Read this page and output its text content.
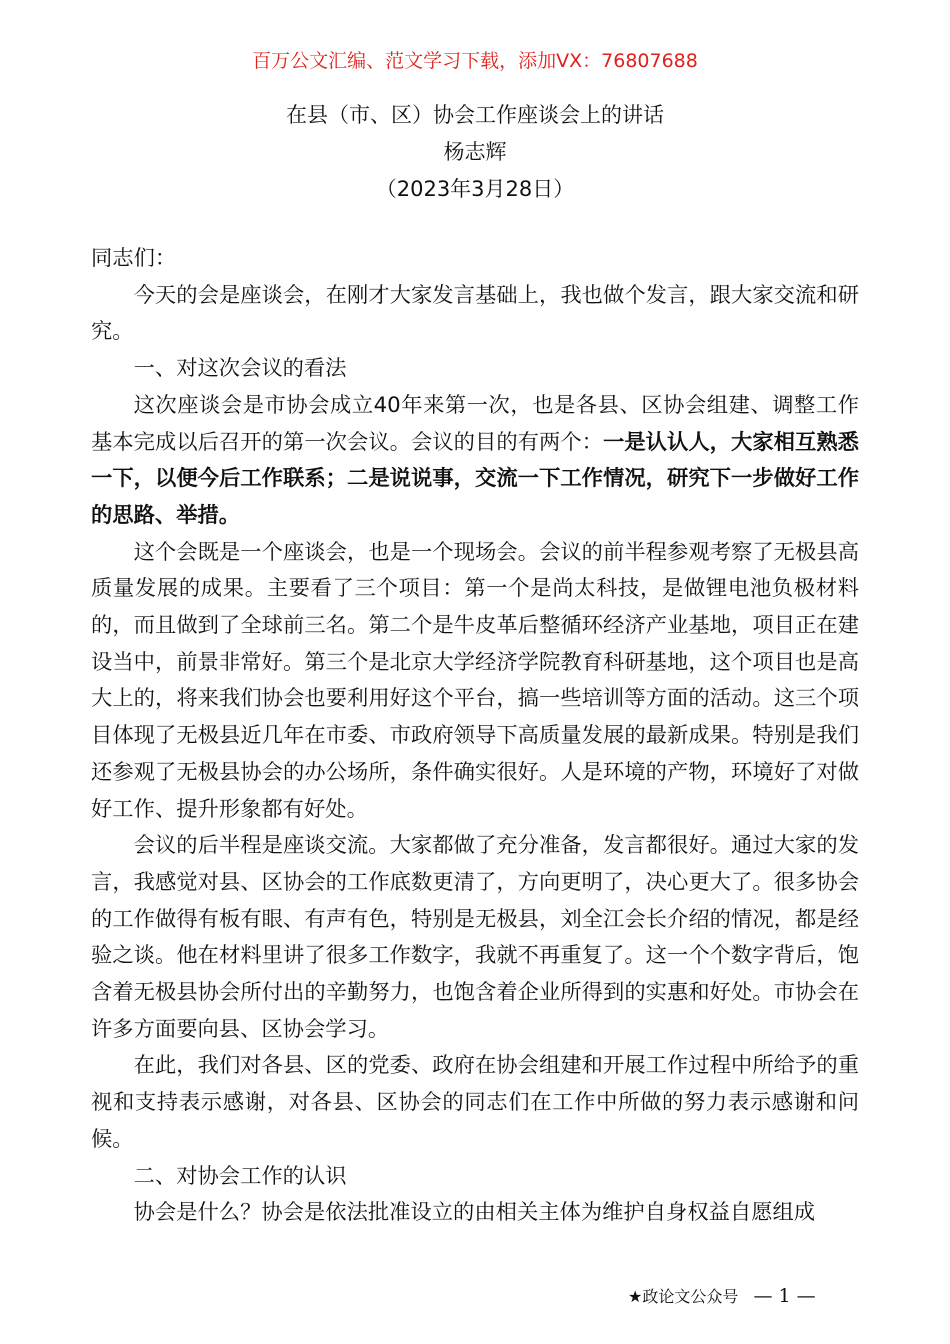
百万公文汇编、范文学习下载，添加VX：76807688
在县（市、区）协会工作座谈会上的讲话
杨志辉
（2023年3月28日）

同志们：

今天的会是座谈会，在刚才大家发言基础上，我也做个发言，跟大家交流和研究。

一、对这次会议的看法

这次座谈会是市协会成立40年来第一次，也是各县、区协会组建、调整工作基本完成以后召开的第一次会议。会议的目的有两个：一是认认人，大家相互熟悉一下，以便今后工作联系；二是说说事，交流一下工作情况，研究下一步做好工作的思路、举措。

这个会既是一个座谈会，也是一个现场会。会议的前半程参观考察了无极县高质量发展的成果。主要看了三个项目：第一个是尚太科技，是做锂电池负极材料的，而且做到了全球前三名。第二个是牛皮革后整循环经济产业基地，项目正在建设当中，前景非常好。第三个是北京大学经济学院教育科研基地，这个项目也是高大上的，将来我们协会也要利用好这个平台，搞一些培训等方面的活动。这三个项目体现了无极县近几年在市委、市政府领导下高质量发展的最新成果。特别是我们还参观了无极县协会的办公场所，条件确实很好。人是环境的产物，环境好了对做好工作、提升形象都有好处。

会议的后半程是座谈交流。大家都做了充分准备，发言都很好。通过大家的发言，我感觉对县、区协会的工作底数更清了，方向更明了，决心更大了。很多协会的工作做得有板有眼、有声有色，特别是无极县，刘全江会长介绍的情况，都是经验之谈。他在材料里讲了很多工作数字，我就不再重复了。这一个个数字背后，饱含着无极县协会所付出的辛勤努力，也饱含着企业所得到的实惠和好处。市协会在许多方面要向县、区协会学习。

在此，我们对各县、区的党委、政府在协会组建和开展工作过程中所给予的重视和支持表示感谢，对各县、区协会的同志们在工作中所做的努力表示感谢和问候。

二、对协会工作的认识

协会是什么？协会是依法批准设立的由相关主体为维护自身权益自愿组成

★政论文公众号 — 1 —
